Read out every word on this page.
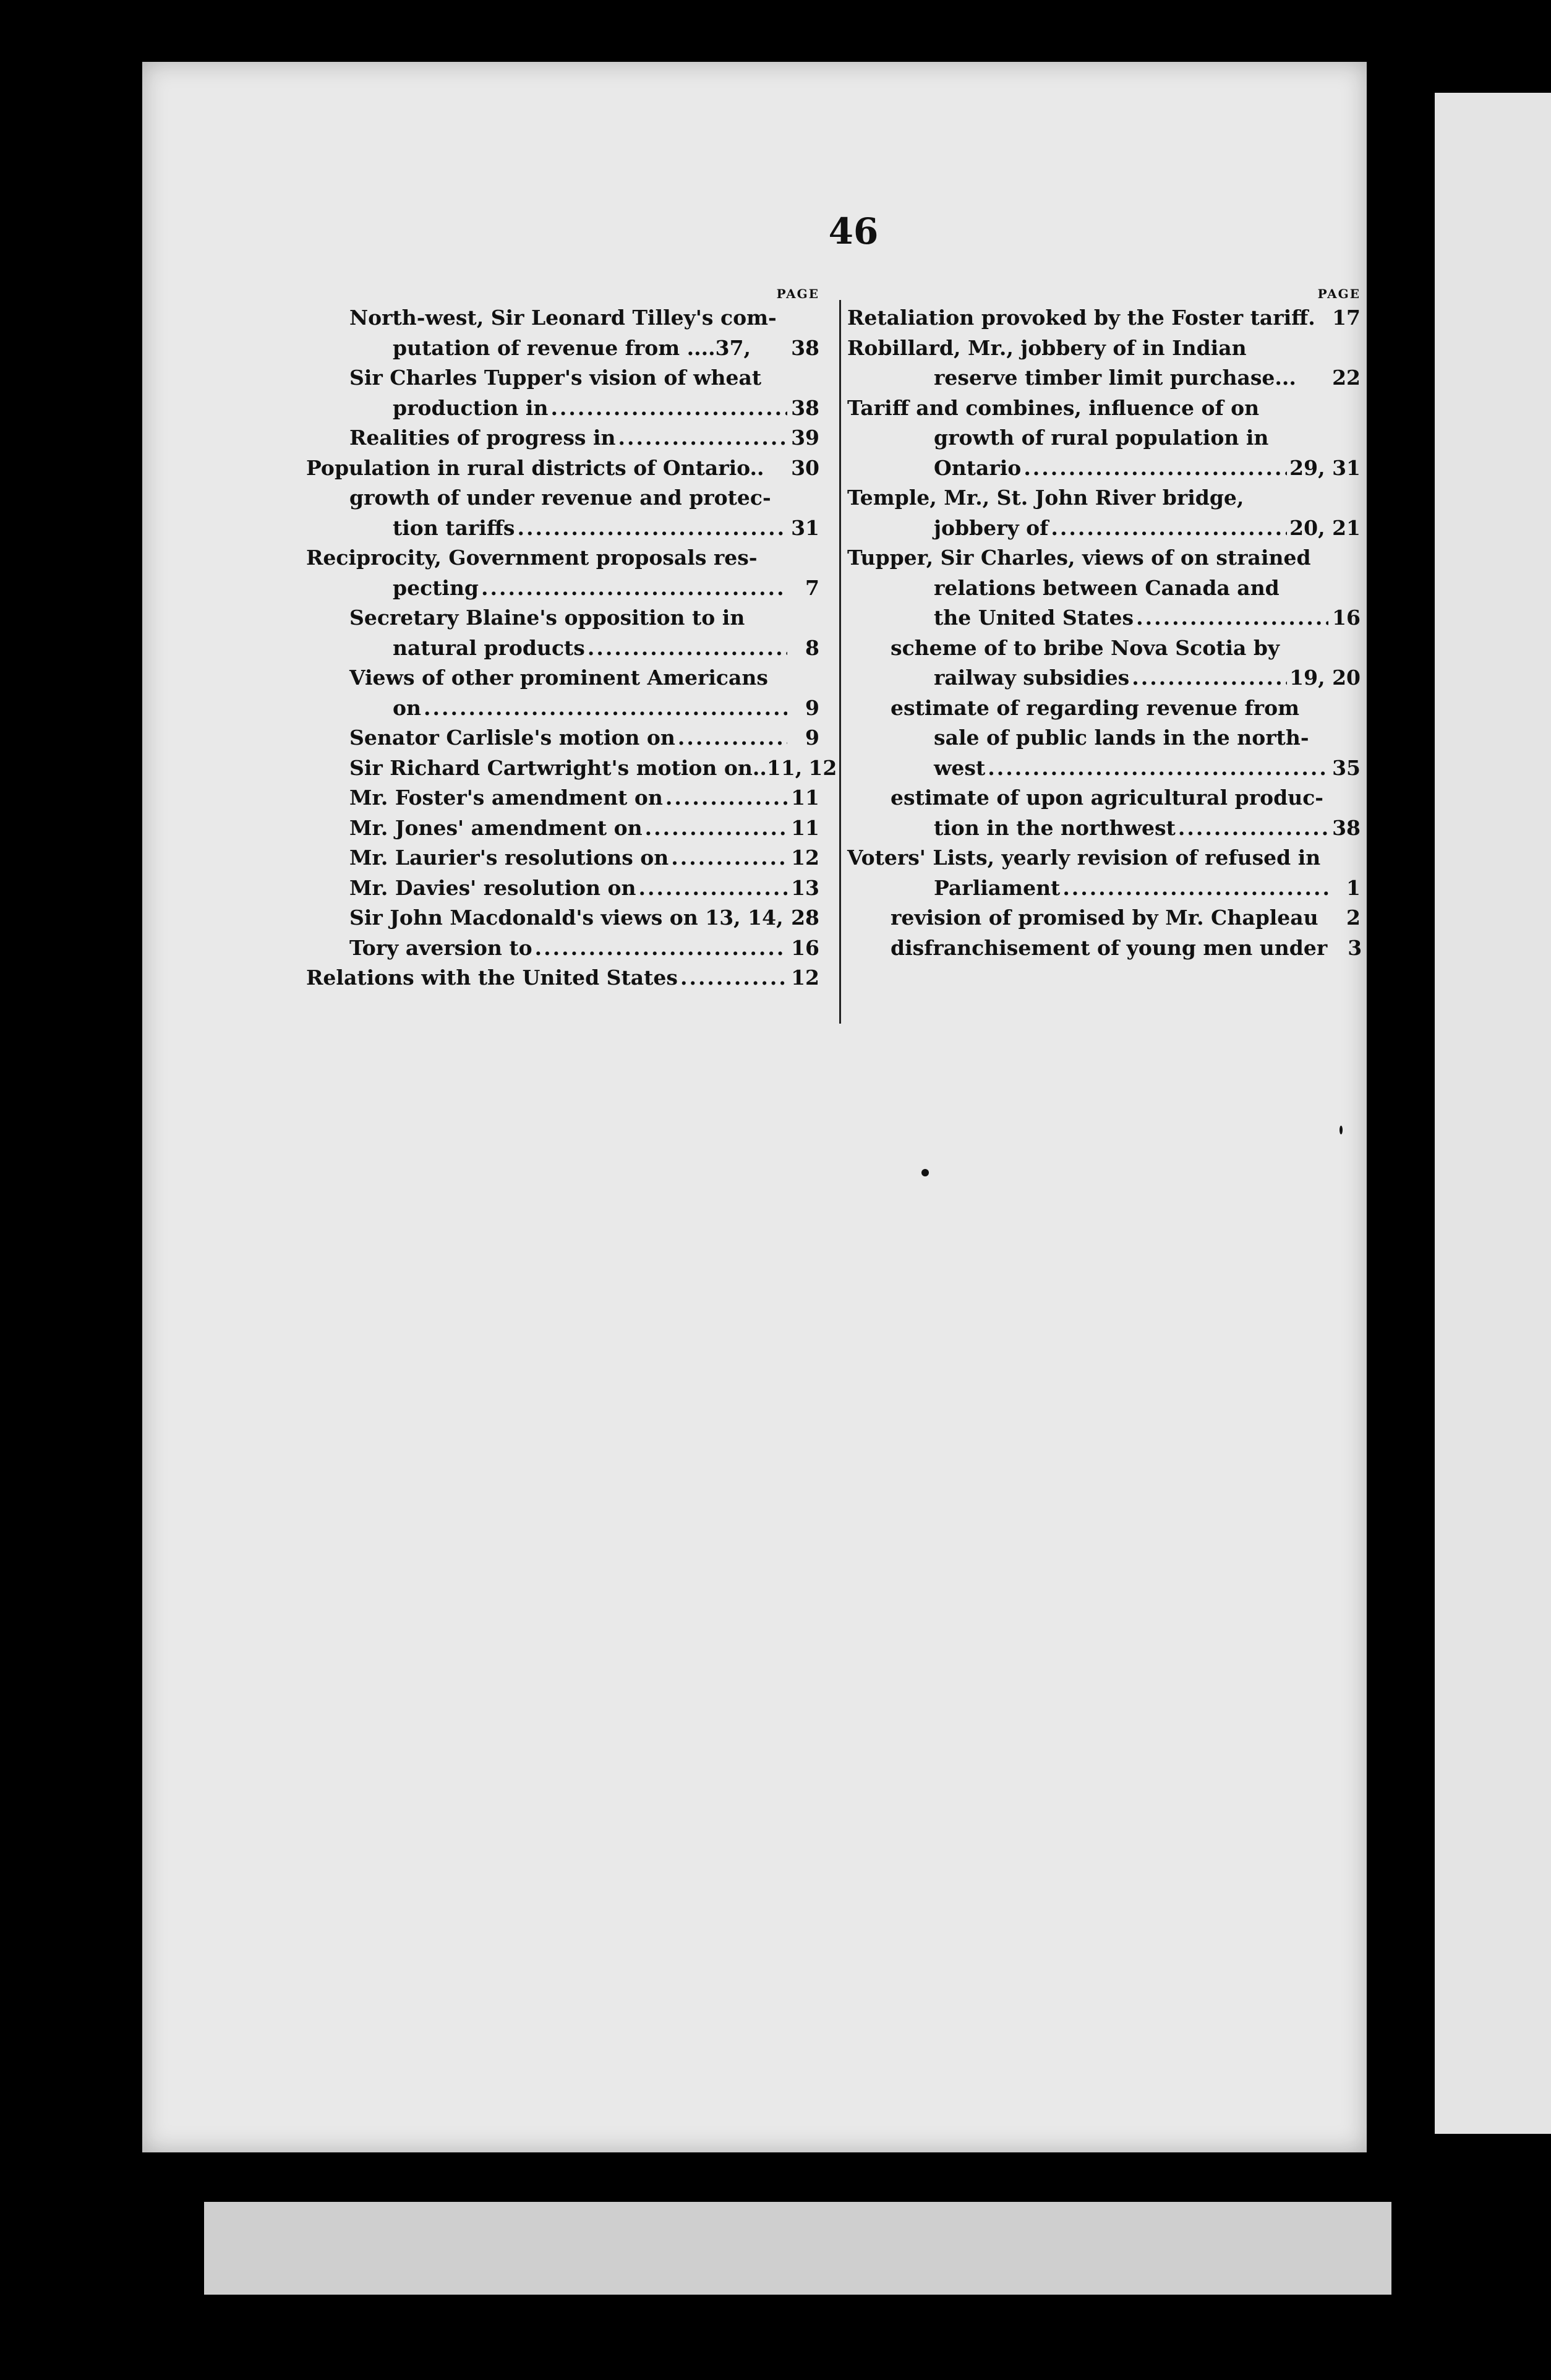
46
PAGE
North-west, Sir Leonard Tilley's com-
putation of revenue from ....37, 38
Sir Charles Tupper's vision of wheat
production in .....	38
Realities of progress in .....	39
Population in rural districts of Ontario.. 30
growth of under revenue and protec-
tion tariffs .....	31
Reciprocity, Government proposals res-
pecting .....	7
Secretary Blaine's opposition to in
natural products .....	8
Views of other prominent Americans
on .....	9
Senator Carlisle's motion on .....	9
Sir Richard Cartwright's motion on..11, 12
Mr. Foster's amendment on .....	11
Mr. Jones' amendment on .....	11
Mr. Laurier's resolutions on .....	12
Mr. Davies' resolution on .....	13
Sir John Macdonald's views on 13, 14, 28
Tory aversion to .....	16
Relations with the United States .....	12
PAGE
Retaliation provoked by the Foster tariff. 17
Robillard, Mr., jobbery of in Indian
reserve timber limit purchase... 22
Tariff and combines, influence of on
growth of rural population in
Ontario .....	29, 31
Temple, Mr., St. John River bridge,
jobbery of .....	20, 21
Tupper, Sir Charles, views of on strained
relations between Canada and
the United States .....	16
scheme of to bribe Nova Scotia by
railway subsidies .....	19, 20
estimate of regarding revenue from
sale of public lands in the north-
west .....	35
estimate of upon agricultural produc-
tion in the northwest .....	38
Voters' Lists, yearly revision of refused in
Parliament .....	1
revision of promised by Mr. Chapleau	2
disfranchisement of young men under	3
